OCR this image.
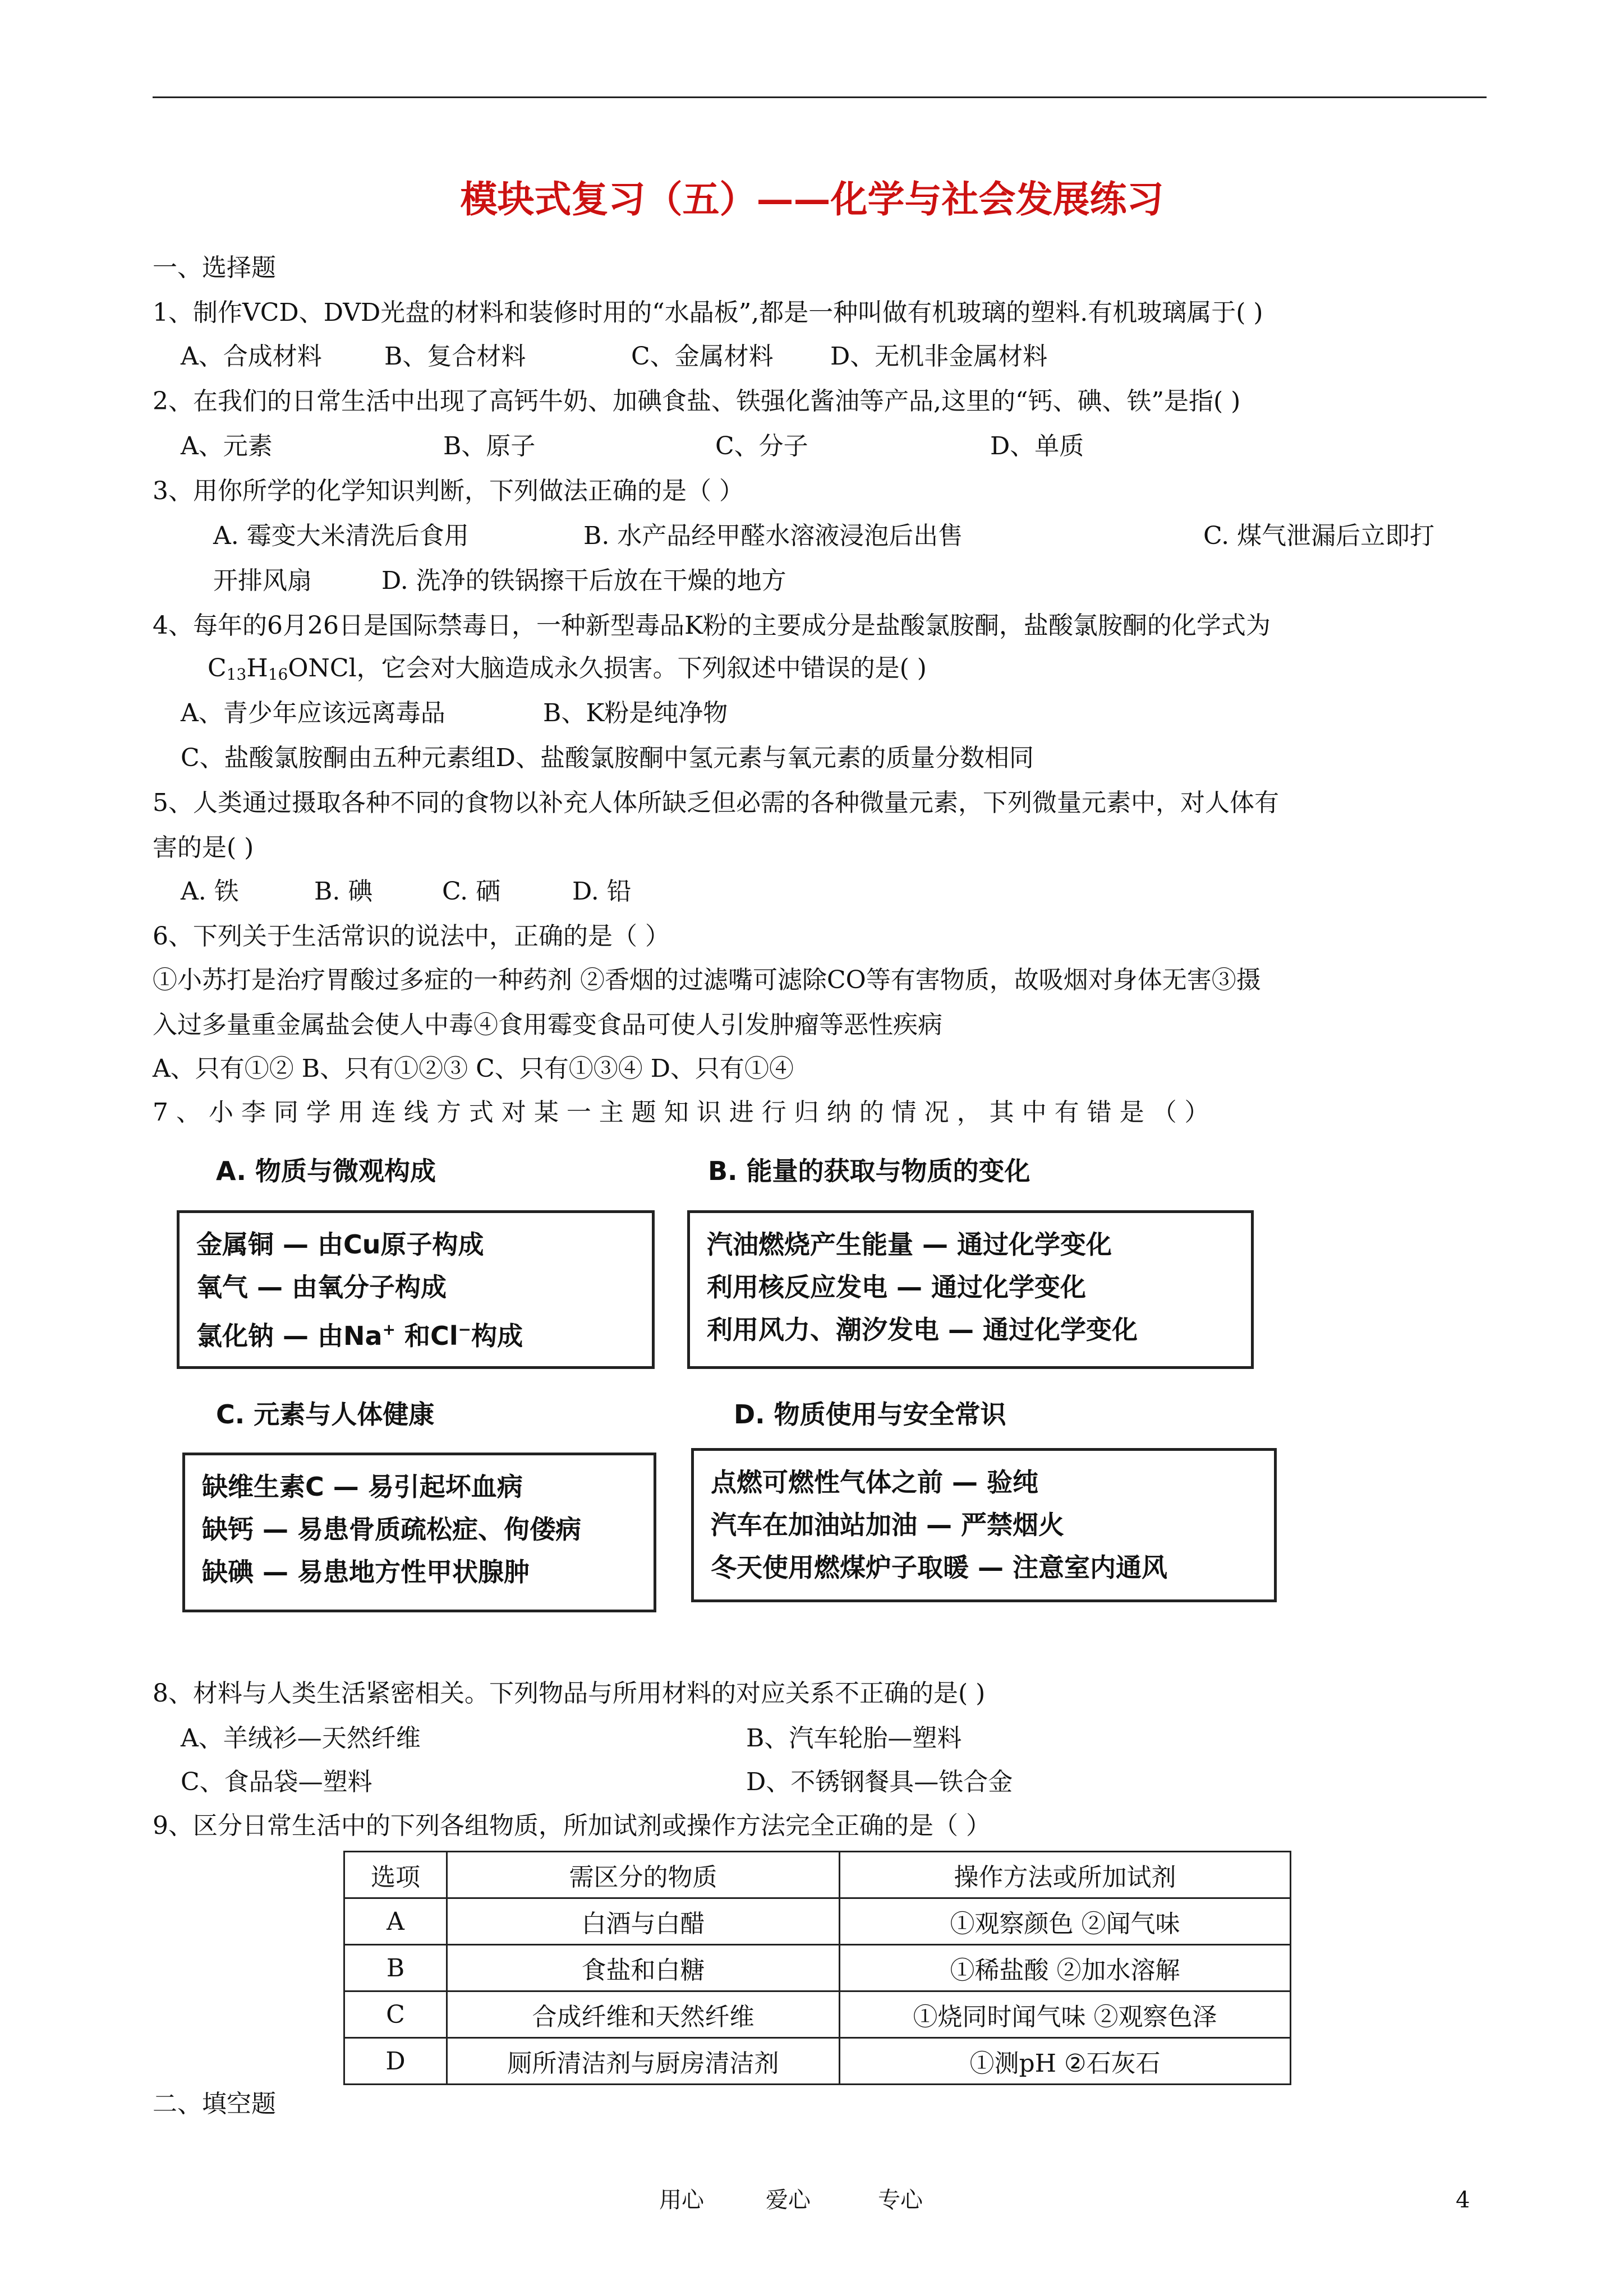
模块式复习（五）——化学与社会发展练习
一、选择题
1、制作VCD、DVD光盘的材料和装修时用的“水晶板”,都是一种叫做有机玻璃的塑料.有机玻璃属于( )
A、合成材料	B、复合材料	C、金属材料 D、无机非金属材料
2、在我们的日常生活中出现了高钙牛奶、加碘食盐、铁强化酱油等产品,这里的“钙、碘、铁”是指( )
A、元素	B、原子	C、分子	D、单质
3、用你所学的化学知识判断，下列做法正确的是（ ）
A. 霉变大米清洗后食用	B. 水产品经甲醛水溶液浸泡后出售	C. 煤气泄漏后立即打
开排风扇	D. 洗净的铁锅擦干后放在干燥的地方
4、每年的6月26日是国际禁毒日，一种新型毒品K粉的主要成分是盐酸氯胺酮，盐酸氯胺酮的化学式为
$C_{13}H_{16}ONCl$，它会对大脑造成永久损害。下列叙述中错误的是( )
A、青少年应该远离毒品	B、K粉是纯净物
C、盐酸氯胺酮由五种元素组D、盐酸氯胺酮中氢元素与氧元素的质量分数相同
5、人类通过摄取各种不同的食物以补充人体所缺乏但必需的各种微量元素，下列微量元素中，对人体有
害的是( )
A. 铁	B. 碘	C. 硒	D. 铅
6、下列关于生活常识的说法中，正确的是（ ）
①小苏打是治疗胃酸过多症的一种药剂 ②香烟的过滤嘴可滤除CO等有害物质，故吸烟对身体无害③摄
入过多量重金属盐会使人中毒④食用霉变食品可使人引发肿瘤等恶性疾病
A、只有①② B、只有①②③ C、只有①③④ D、只有①④
7 、 小 李 同 学 用 连 线 方 式 对 某 一 主 题 知 识 进 行 归 纳 的 情 况 ， 其 中 有 错 是 （ ）
A. 物质与微观构成	B. 能量的获取与物质的变化
金属铜 — 由Cu原子构成
氧气 — 由氧分子构成
氯化钠 — 由Na+ 和Cl−构成
汽油燃烧产生能量 — 通过化学变化
利用核反应发电 — 通过化学变化
利用风力、潮汐发电 — 通过化学变化
C. 元素与人体健康	D. 物质使用与安全常识
缺维生素C — 易引起坏血病
缺钙 — 易患骨质疏松症、佝偻病
缺碘 — 易患地方性甲状腺肿
点燃可燃性气体之前 — 验纯
汽车在加油站加油 — 严禁烟火
冬天使用燃煤炉子取暖 — 注意室内通风
8、材料与人类生活紧密相关。下列物品与所用材料的对应关系不正确的是( )
A、羊绒衫—天然纤维	B、汽车轮胎—塑料
C、食品袋—塑料	D、不锈钢餐具—铁合金
9、区分日常生活中的下列各组物质，所加试剂或操作方法完全正确的是（ ）
选项	需区分的物质	操作方法或所加试剂
A	白酒与白醋	①观察颜色 ②闻气味
B	食盐和白糖	①稀盐酸 ②加水溶解
C	合成纤维和天然纤维	①烧同时闻气味 ②观察色泽
D	厕所清洁剂与厨房清洁剂	①测pH ②石灰石
二、填空题
用心	爱心	专心	4
